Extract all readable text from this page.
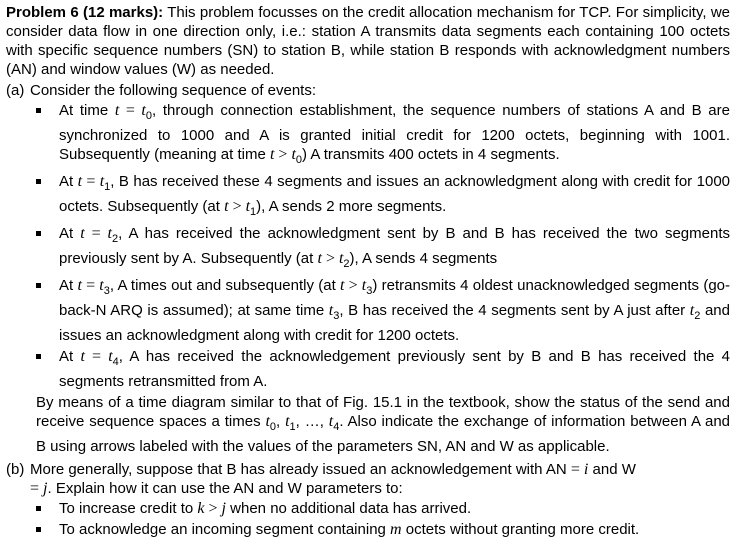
Problem 6 (12 marks): This problem focusses on the credit allocation mechanism for TCP. For simplicity, we consider data flow in one direction only, i.e.: station A transmits data segments each containing 100 octets with specific sequence numbers (SN) to station B, while station B responds with acknowledgment numbers (AN) and window values (W) as needed.

(a) Consider the following sequence of events:

At time $t = t_0$, through connection establishment, the sequence numbers of stations A and B are synchronized to 1000 and A is granted initial credit for 1200 octets, beginning with 1001. Subsequently (meaning at time $t > t_0$) A transmits 400 octets in 4 segments.
At $t = t_1$, B has received these 4 segments and issues an acknowledgment along with credit for 1000 octets. Subsequently (at $t > t_1$), A sends 2 more segments.
At $t = t_2$, A has received the acknowledgment sent by B and B has received the two segments previously sent by A. Subsequently (at $t > t_2$), A sends 4 segments
At $t = t_3$, A times out and subsequently (at $t > t_3$) retransmits 4 oldest unacknowledged segments (go-back-N ARQ is assumed); at same time $t_3$, B has received the 4 segments sent by A just after $t_2$ and issues an acknowledgment along with credit for 1200 octets.
At $t = t_4$, A has received the acknowledgement previously sent by B and B has received the 4 segments retransmitted from A.

By means of a time diagram similar to that of Fig. 15.1 in the textbook, show the status of the send and receive sequence spaces a times $t_0$, $t_1$, …, $t_4$. Also indicate the exchange of information between A and B using arrows labeled with the values of the parameters SN, AN and W as applicable.

(b) More generally, suppose that B has already issued an acknowledgement with AN = i and W

= j. Explain how it can use the AN and W parameters to:

To increase credit to k > j when no additional data has arrived.
To acknowledge an incoming segment containing m octets without granting more credit.
